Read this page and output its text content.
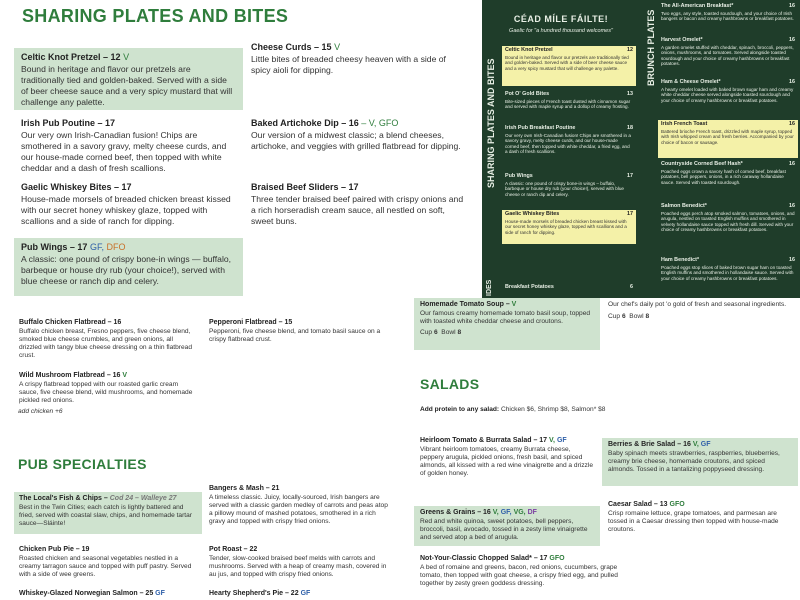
SHARING PLATES AND BITES
Celtic Knot Pretzel – 12 V
Bound in heritage and flavor our pretzels are traditionally tied and golden-baked. Served with a side of beer cheese sauce and a very spicy mustard that will challenge any palette.
Cheese Curds – 15 V
Little bites of breaded cheesy heaven with a side of spicy aioli for dipping.
Irish Pub Poutine – 17
Our very own Irish-Canadian fusion! Chips are smothered in a savory gravy, melty cheese curds, and our house-made corned beef, then topped with white cheddar and a dash of fresh scallions.
Baked Artichoke Dip – 16 – V, GFO
Our version of a midwest classic; a blend cheeses, artichoke, and veggies with grilled flatbread for dipping.
Gaelic Whiskey Bites – 17
House-made morsels of breaded chicken breast kissed with our secret honey whiskey glaze, topped with scallions and a side of ranch for dipping.
Braised Beef Sliders – 17
Three tender braised beef paired with crispy onions and a rich horseradish cream sauce, all nestled on soft, sweet buns.
Pub Wings – 17 GF, DFO
A classic: one pound of crispy bone-in wings — buffalo, barbeque or house dry rub (your choice!), served with blue cheese or ranch dip and celery.
CÉAD MÍLE FÁILTE!
Gaelic for "a hundred thousand welcomes"
SHARING PLATES AND BITES
IDES
BRUNCH PLATES
Celtic Knot Pretzel	12
Bound in heritage and flavor our pretzels are traditionally tied and golden-baked. Served with a side of beer cheese sauce and a very spicy mustard that will challenge any palette.
Pot O' Gold Bites	13
Bite-sized pieces of French toast dusted with cinnamon sugar and served with maple syrup and a dollop of creamy frosting.
Irish Pub Breakfast Poutine	18
Our very own Irish-Canadian fusion! Chips are smothered in a savory gravy, melty cheese curds, and our house-made corned beef, then topped with white cheddar, a fried egg, and a dash of fresh scallions.
Pub Wings	17
A classic: one pound of crispy bone-in wings – buffalo, barbeque or house dry rub (your choice!), served with blue cheese or ranch dip and celery.
Gaelic Whiskey Bites	17
House-made morsels of breaded chicken breast kissed with our secret honey whiskey glaze, topped with scallions and a side of ranch for dipping.
Breakfast Potatoes	6
The All-American Breakfast*	16
Two eggs, any style, toasted sourdough, and your choice of Irish bangers or bacon and creamy hashbrowns or breakfast potatoes.
Harvest Omelet*	16
A garden omelet stuffed with cheddar, spinach, broccoli, peppers, onions, mushrooms, and tomatoes. Served alongside toasted sourdough and your choice of creamy hashbrowns or breakfast potatoes.
Ham & Cheese Omelet*	16
A hearty omelet loaded with baked brown sugar ham and creamy white cheddar cheese served alongside toasted sourdough and your choice of creamy hashbrowns or breakfast potatoes.
Irish French Toast	16
Battered brioche French toast, drizzled with maple syrup, topped with Irish whipped cream and fresh berries. Accompanied by your choice of bacon or sausage.
Countryside Corned Beef Hash*	16
Poached eggs crown a savory hash of corned beef, breakfast potatoes, bell peppers, onions, in a rich caraway hollandaise sauce. Served with toasted sourdough.
Salmon Benedict*	16
Poached eggs perch atop smoked salmon, tomatoes, onions, and arugula, nestled on toasted English muffins and smothered in velvety hollandaise sauce topped with fresh dill. Served with your choice of creamy hashbrowns or breakfast potatoes.
Ham Benedict*	16
Poached eggs stop slices of baked brown sugar ham on toasted English muffins and smothered in hollandaise sauce. Served with your choice of creamy hashbrowns or breakfast potatoes.
Buffalo Chicken Flatbread – 16
Buffalo chicken breast, Fresno peppers, five cheese blend, smoked blue cheese crumbles, and green onions, all drizzled with tangy blue cheese dressing on a thin flatbread crust.
Pepperoni Flatbread – 15
Pepperoni, five cheese blend, and tomato basil sauce on a crispy flatbread crust.
Wild Mushroom Flatbread – 16 V
A crispy flatbread topped with our roasted garlic cream sauce, five cheese blend, wild mushrooms, and homemade pickled red onions.
add chicken +6
PUB SPECIALTIES
The Local's Fish & Chips – Cod 24 – Walleye 27
Best in the Twin Cities; each catch is lightly battered and fried, served with coastal slaw, chips, and homemade tartar sauce—Sláinte!
Bangers & Mash – 21
A timeless classic. Juicy, locally-sourced, Irish bangers are served with a classic garden medley of carrots and peas atop a pillowy mound of mashed potatoes, smothered in a rich gravy and topped with crispy fried onions.
Chicken Pub Pie – 19
Roasted chicken and seasonal vegetables nestled in a creamy tarragon sauce and topped with puff pastry. Served with a side of wee greens.
Pot Roast – 22
Tender, slow-cooked braised beef melds with carrots and mushrooms. Served with a heap of creamy mash, covered in au jus, and topped with crispy fried onions.
Whiskey-Glazed Norwegian Salmon – 25 GF	Hearty Shepherd's Pie – 22 GF
Homemade Tomato Soup – V
Our famous creamy homemade tomato basil soup, topped with toasted white cheddar cheese and croutons.
Cup 6 Bowl 8
Our chef's daily pot 'o gold of fresh and seasonal ingredients.
Cup 6 Bowl 8
SALADS
Add protein to any salad: Chicken $6, Shrimp $8, Salmon* $8
Heirloom Tomato & Burrata Salad – 17 V, GF
Vibrant heirloom tomatoes, creamy Burrata cheese, peppery arugula, pickled onions, fresh basil, and spiced almonds, all kissed with a red wine vinaigrette and a drizzle of golden honey.
Berries & Brie Salad – 16 V, GF
Baby spinach meets strawberries, raspberries, blueberries, creamy brie cheese, homemade croutons, and spiced almonds. Tossed in a tantalizing poppyseed dressing.
Caesar Salad – 13 GFO
Crisp romaine lettuce, grape tomatoes, and parmesan are tossed in a Caesar dressing then topped with house-made croutons.
Greens & Grains – 16 V, GF, VG, DF
Red and white quinoa, sweet potatoes, bell peppers, broccoli, basil, avocado, tossed in a zesty lime vinaigrette and served atop a bed of arugula.
Not-Your-Classic Chopped Salad* – 17 GFO
A bed of romaine and greens, bacon, red onions, cucumbers, grape tomato, then topped with goat cheese, a crispy fried egg, and pulled together by zesty green goddess dressing.
